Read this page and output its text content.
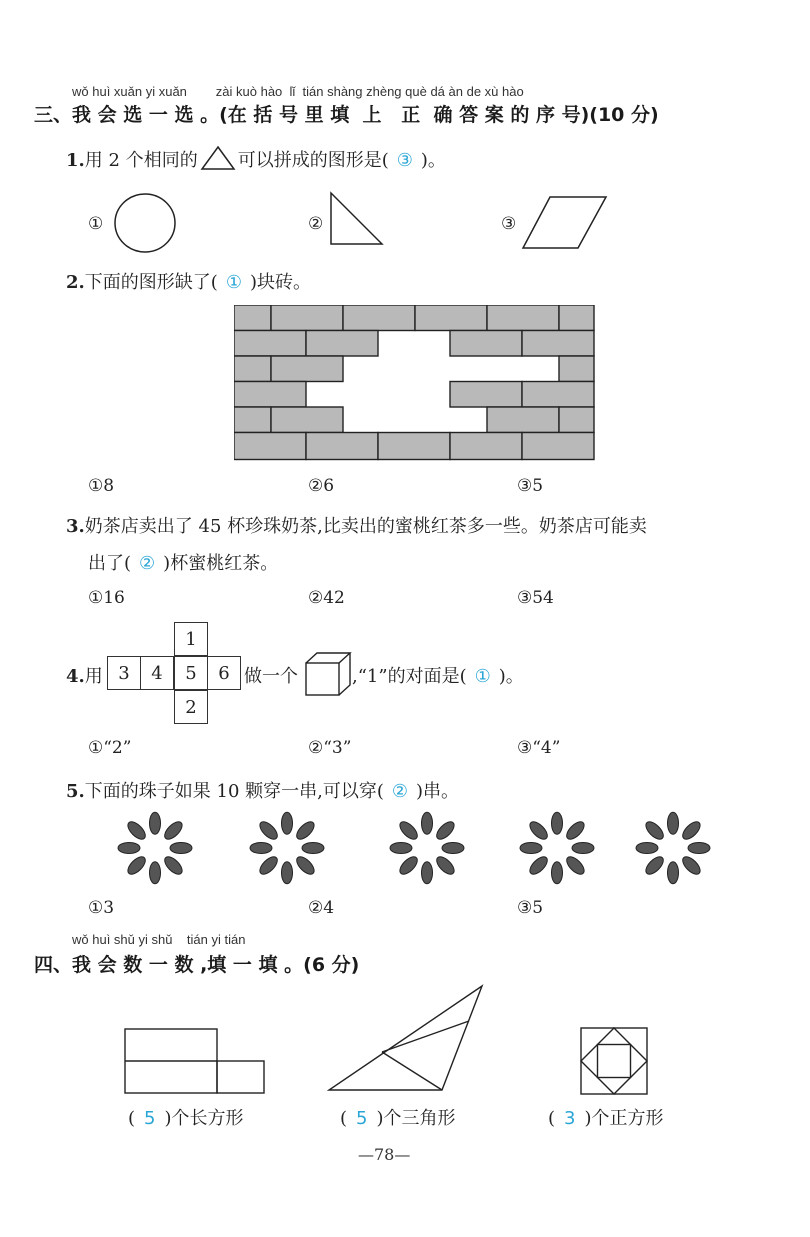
wǒ huì xuǎn yi xuǎn        zài kuò hào  lǐ  tián shàng zhèng què dá àn de xù hào
三、我 会 选 一 选 。(在 括 号 里 填  上   正  确 答 案 的 序 号)(10 分)
1.用 2 个相同的 可以拼成的图形是( ③ )。
①	②	③
2.下面的图形缺了( ① )块砖。
①8	②6	③5
3.奶茶店卖出了 45 杯珍珠奶茶,比卖出的蜜桃红茶多一些。奶茶店可能卖
出了( ② )杯蜜桃红茶。
①16	②42	③54
4.用
1
3	4	5	6
2
做一个	,“1”的对面是( ① )。
①“2”	②“3”	③“4”
5.下面的珠子如果 10 颗穿一串,可以穿( ② )串。
①3	②4	③5
wǒ huì shǔ yi shǔ    tián yi tián
四、我 会 数 一 数 ,填 一 填 。(6 分)
( 5 )个长方形	( 5 )个三角形	( 3 )个正方形
—78—
